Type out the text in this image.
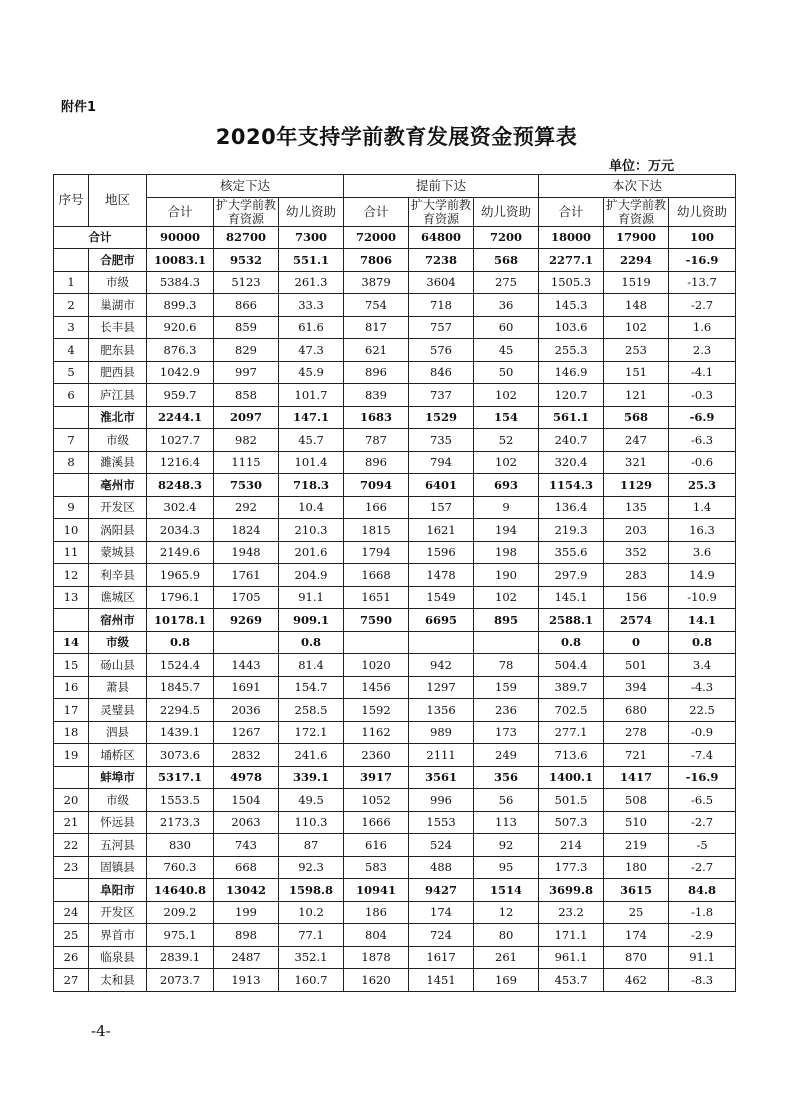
附件1
2020年支持学前教育发展资金预算表
单位：万元
序号	地区	核定下达			提前下达			本次下达		
		合计	扩大学前教育资源	幼儿资助	合计	扩大学前教育资源	幼儿资助	合计	扩大学前教育资源	幼儿资助
合计		90000	82700	7300	72000	64800	7200	18000	17900	100
	合肥市	10083.1	9532	551.1	7806	7238	568	2277.1	2294	-16.9
1	市级	5384.3	5123	261.3	3879	3604	275	1505.3	1519	-13.7
2	巢湖市	899.3	866	33.3	754	718	36	145.3	148	-2.7
3	长丰县	920.6	859	61.6	817	757	60	103.6	102	1.6
4	肥东县	876.3	829	47.3	621	576	45	255.3	253	2.3
5	肥西县	1042.9	997	45.9	896	846	50	146.9	151	-4.1
6	庐江县	959.7	858	101.7	839	737	102	120.7	121	-0.3
	淮北市	2244.1	2097	147.1	1683	1529	154	561.1	568	-6.9
7	市级	1027.7	982	45.7	787	735	52	240.7	247	-6.3
8	濉溪县	1216.4	1115	101.4	896	794	102	320.4	321	-0.6
	亳州市	8248.3	7530	718.3	7094	6401	693	1154.3	1129	25.3
9	开发区	302.4	292	10.4	166	157	9	136.4	135	1.4
10	涡阳县	2034.3	1824	210.3	1815	1621	194	219.3	203	16.3
11	蒙城县	2149.6	1948	201.6	1794	1596	198	355.6	352	3.6
12	利辛县	1965.9	1761	204.9	1668	1478	190	297.9	283	14.9
13	谯城区	1796.1	1705	91.1	1651	1549	102	145.1	156	-10.9
	宿州市	10178.1	9269	909.1	7590	6695	895	2588.1	2574	14.1
14	市级	0.8		0.8				0.8	0	0.8
15	砀山县	1524.4	1443	81.4	1020	942	78	504.4	501	3.4
16	萧县	1845.7	1691	154.7	1456	1297	159	389.7	394	-4.3
17	灵璧县	2294.5	2036	258.5	1592	1356	236	702.5	680	22.5
18	泗县	1439.1	1267	172.1	1162	989	173	277.1	278	-0.9
19	埇桥区	3073.6	2832	241.6	2360	2111	249	713.6	721	-7.4
	蚌埠市	5317.1	4978	339.1	3917	3561	356	1400.1	1417	-16.9
20	市级	1553.5	1504	49.5	1052	996	56	501.5	508	-6.5
21	怀远县	2173.3	2063	110.3	1666	1553	113	507.3	510	-2.7
22	五河县	830	743	87	616	524	92	214	219	-5
23	固镇县	760.3	668	92.3	583	488	95	177.3	180	-2.7
	阜阳市	14640.8	13042	1598.8	10941	9427	1514	3699.8	3615	84.8
24	开发区	209.2	199	10.2	186	174	12	23.2	25	-1.8
25	界首市	975.1	898	77.1	804	724	80	171.1	174	-2.9
26	临泉县	2839.1	2487	352.1	1878	1617	261	961.1	870	91.1
27	太和县	2073.7	1913	160.7	1620	1451	169	453.7	462	-8.3
-4-
